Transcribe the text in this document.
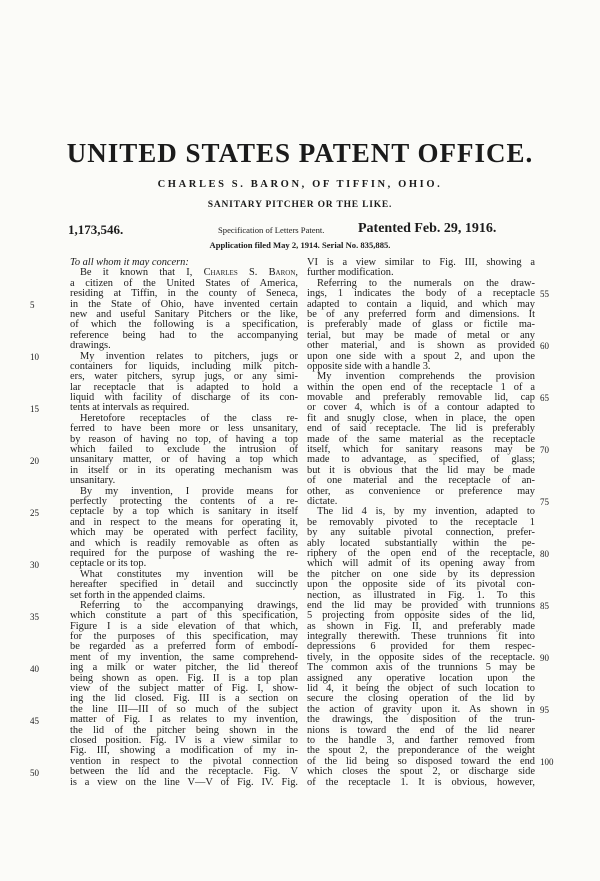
UNITED STATES PATENT OFFICE.
CHARLES S. BARON, OF TIFFIN, OHIO.
SANITARY PITCHER OR THE LIKE.
1,173,546.	Specification of Letters Patent. Patented Feb. 29, 1916.
Application filed May 2, 1914. Serial No. 835,885.
To all whom it may concern:
Be it known that I, Charles S. Baron,
a citizen of the United States of America,
residing at Tiffin, in the county of Seneca,
in the State of Ohio, have invented certain
new and useful Sanitary Pitchers or the like,
of which the following is a specification,
reference being had to the accompanying
drawings.
My invention relates to pitchers, jugs or
containers for liquids, including milk pitch-
ers, water pitchers, syrup jugs, or any simi-
lar receptacle that is adapted to hold a
liquid with facility of discharge of its con-
tents at intervals as required.
Heretofore receptacles of the class re-
ferred to have been more or less unsanitary,
by reason of having no top, of having a top
which failed to exclude the intrusion of
unsanitary matter, or of having a top which
in itself or in its operating mechanism was
unsanitary.
By my invention, I provide means for
perfectly protecting the contents of a re-
ceptacle by a top which is sanitary in itself
and in respect to the means for operating it,
which may be operated with perfect facility,
and which is readily removable as often as
required for the purpose of washing the re-
ceptacle or its top.
What constitutes my invention will be
hereafter specified in detail and succinctly
set forth in the appended claims.
Referring to the accompanying drawings,
which constitute a part of this specification,
Figure I is a side elevation of that which,
for the purposes of this specification, may
be regarded as a preferred form of embodi-
ment of my invention, the same comprehend-
ing a milk or water pitcher, the lid thereof
being shown as open. Fig. II is a top plan
view of the subject matter of Fig. I, show-
ing the lid closed. Fig. III is a section on
the line III—III of so much of the subject
matter of Fig. I as relates to my invention,
the lid of the pitcher being shown in the
closed position. Fig. IV is a view similar to
Fig. III, showing a modification of my in-
vention in respect to the pivotal connection
between the lid and the receptacle. Fig. V
is a view on the line V—V of Fig. IV. Fig.
VI is a view similar to Fig. III, showing a
further modification.
Referring to the numerals on the draw-
ings, 1 indicates the body of a receptacle
adapted to contain a liquid, and which may
be of any preferred form and dimensions. It
is preferably made of glass or fictile ma-
terial, but may be made of metal or any
other material, and is shown as provided
upon one side with a spout 2, and upon the
opposite side with a handle 3.
My invention comprehends the provision
within the open end of the receptacle 1 of a
movable and preferably removable lid, cap
or cover 4, which is of a contour adapted to
fit and snugly close, when in place, the open
end of said receptacle. The lid is preferably
made of the same material as the receptacle
itself, which for sanitary reasons may be
made to advantage, as specified, of glass;
but it is obvious that the lid may be made
of one material and the receptacle of an-
other, as convenience or preference may
dictate.
The lid 4 is, by my invention, adapted to
be removably pivoted to the receptacle 1
by any suitable pivotal connection, prefer-
ably located substantially within the pe-
riphery of the open end of the receptacle,
which will admit of its opening away from
the pitcher on one side by its depression
upon the opposite side of its pivotal con-
nection, as illustrated in Fig. 1. To this
end the lid may be provided with trunnions
5 projecting from opposite sides of the lid,
as shown in Fig. II, and preferably made
integrally therewith. These trunnions fit into
depressions 6 provided for them respec-
tively, in the opposite sides of the receptacle.
The common axis of the trunnions 5 may be
assigned any operative location upon the
lid 4, it being the object of such location to
secure the closing operation of the lid by
the action of gravity upon it. As shown in
the drawings, the disposition of the trun-
nions is toward the end of the lid nearer
to the handle 3, and farther removed from
the spout 2, the preponderance of the weight
of the lid being so disposed toward the end
which closes the spout 2, or discharge side
of the receptacle 1. It is obvious, however,
5
10
15
20
25
30
35
40
45
50
55
60
65
70
75
80
85
90
95
100
